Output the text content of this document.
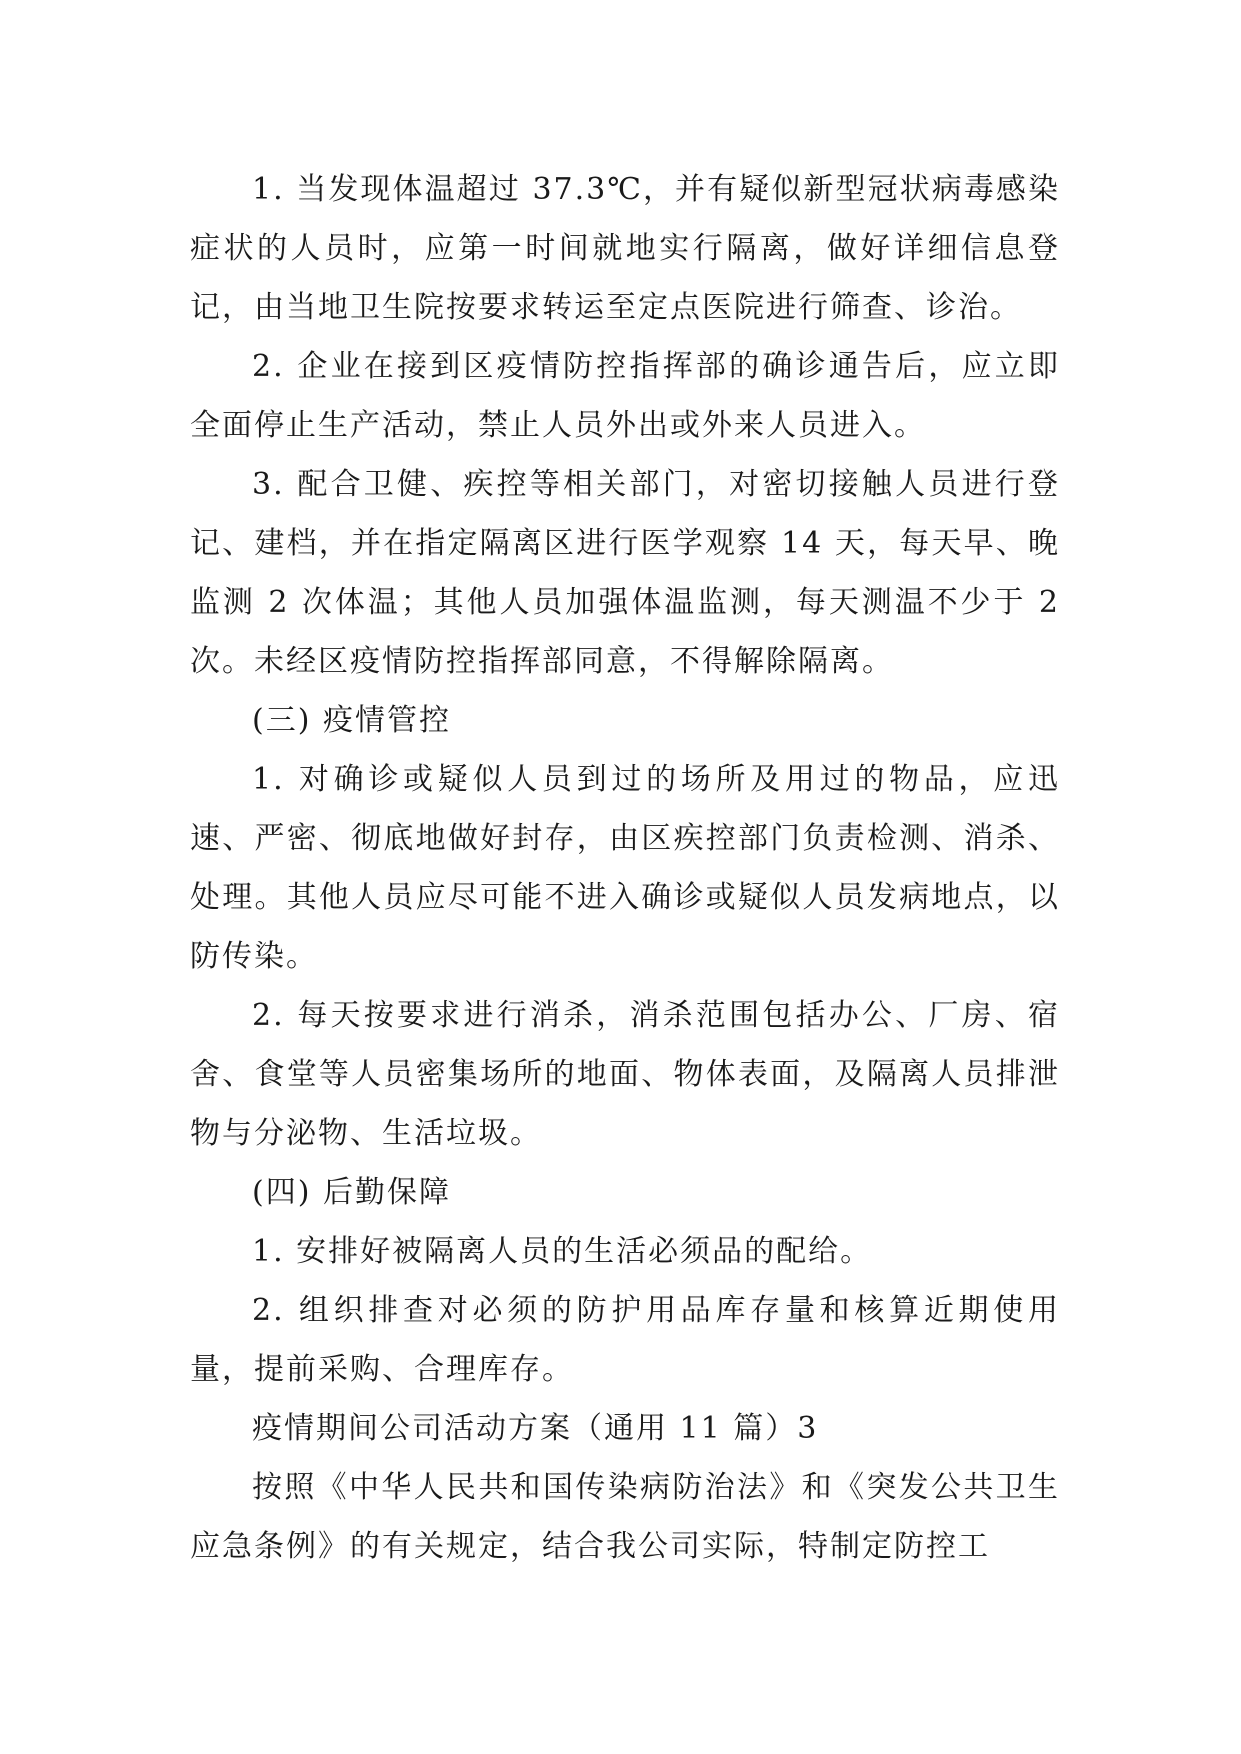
1. 当发现体温超过 37.3℃，并有疑似新型冠状病毒感染症状的人员时，应第一时间就地实行隔离，做好详细信息登记，由当地卫生院按要求转运至定点医院进行筛查、诊治。

2. 企业在接到区疫情防控指挥部的确诊通告后，应立即全面停止生产活动，禁止人员外出或外来人员进入。

3. 配合卫健、疾控等相关部门，对密切接触人员进行登记、建档，并在指定隔离区进行医学观察 14 天，每天早、晚监测 2 次体温；其他人员加强体温监测，每天测温不少于 2 次。未经区疫情防控指挥部同意，不得解除隔离。

(三) 疫情管控

1. 对确诊或疑似人员到过的场所及用过的物品，应迅速、严密、彻底地做好封存，由区疾控部门负责检测、消杀、处理。其他人员应尽可能不进入确诊或疑似人员发病地点，以防传染。

2. 每天按要求进行消杀，消杀范围包括办公、厂房、宿舍、食堂等人员密集场所的地面、物体表面，及隔离人员排泄物与分泌物、生活垃圾。

(四) 后勤保障

1. 安排好被隔离人员的生活必须品的配给。

2. 组织排查对必须的防护用品库存量和核算近期使用量，提前采购、合理库存。

疫情期间公司活动方案（通用 11 篇）3

按照《中华人民共和国传染病防治法》和《突发公共卫生应急条例》的有关规定，结合我公司实际，特制定防控工
